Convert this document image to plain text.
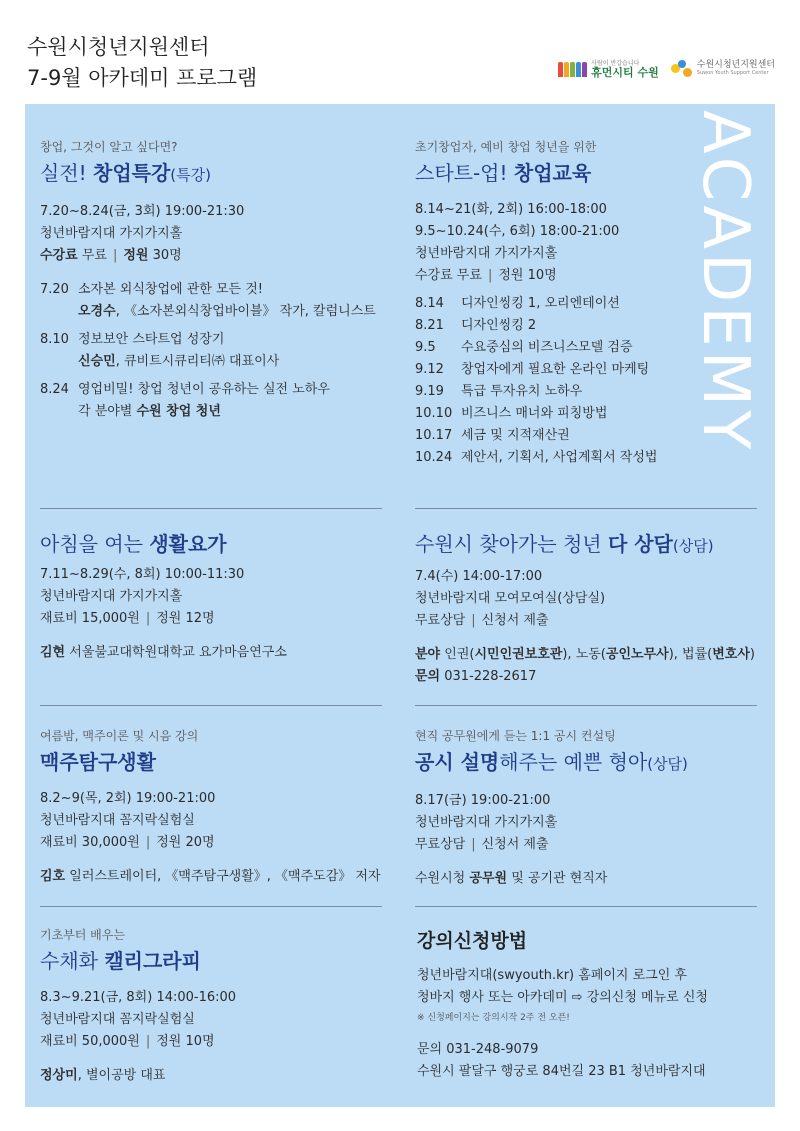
수원시청년지원센터
7-9월 아카데미 프로그램
사람이 반갑습니다
휴먼시티 수원
수원시청년지원센터
Suwon Youth Support Center
ACADEMY
창업, 그것이 알고 싶다면?
실전! 창업특강(특강)
7.20~8.24(금, 3회) 19:00-21:30
청년바람지대 가지가지홀
수강료 무료 | 정원 30명
7.20 소자본 외식창업에 관한 모든 것!
오경수, 《소자본외식창업바이블》 작가, 칼럼니스트
8.10 정보보안 스타트업 성장기
신승민, 큐비트시큐리티㈜ 대표이사
8.24 영업비밀! 창업 청년이 공유하는 실전 노하우
각 분야별 수원 창업 청년
초기창업자, 예비 창업 청년을 위한
스타트-업! 창업교육
8.14~21(화, 2회) 16:00-18:00
9.5~10.24(수, 6회) 18:00-21:00
청년바람지대 가지가지홀
수강료 무료 | 정원 10명
8.14	디자인씽킹 1, 오리엔테이션
8.21	디자인씽킹 2
9.5	수요중심의 비즈니스모델 검증
9.12	창업자에게 필요한 온라인 마케팅
9.19	특급 투자유치 노하우
10.10 비즈니스 매너와 피칭방법
10.17 세금 및 지적재산권
10.24 제안서, 기획서, 사업계획서 작성법
아침을 여는 생활요가
7.11~8.29(수, 8회) 10:00-11:30
청년바람지대 가지가지홀
재료비 15,000원 | 정원 12명
김현 서울불교대학원대학교 요가마음연구소
수원시 찾아가는 청년 다 상담(상담)
7.4(수) 14:00-17:00
청년바람지대 모여모여실(상담실)
무료상담 | 신청서 제출
분야 인권(시민인권보호관), 노동(공인노무사), 법률(변호사)
문의 031-228-2617
여름밤, 맥주이론 및 시음 강의
맥주탐구생활
8.2~9(목, 2회) 19:00-21:00
청년바람지대 꼼지락실험실
재료비 30,000원 | 정원 20명
김호 일러스트레이터, 《맥주탐구생활》, 《맥주도감》 저자
현직 공무원에게 듣는 1:1 공시 컨설팅
공시 설명해주는 예쁜 형아(상담)
8.17(금) 19:00-21:00
청년바람지대 가지가지홀
무료상담 | 신청서 제출
수원시청 공무원 및 공기관 현직자
기초부터 배우는
수채화 캘리그라피
8.3~9.21(금, 8회) 14:00-16:00
청년바람지대 꼼지락실험실
재료비 50,000원 | 정원 10명
정상미, 별이공방 대표
강의신청방법
청년바람지대(swyouth.kr) 홈페이지 로그인 후
청바지 행사 또는 아카데미 ⇨ 강의신청 메뉴로 신청
※ 신청페이지는 강의시작 2주 전 오픈!
문의 031-248-9079
수원시 팔달구 행궁로 84번길 23 B1 청년바람지대
